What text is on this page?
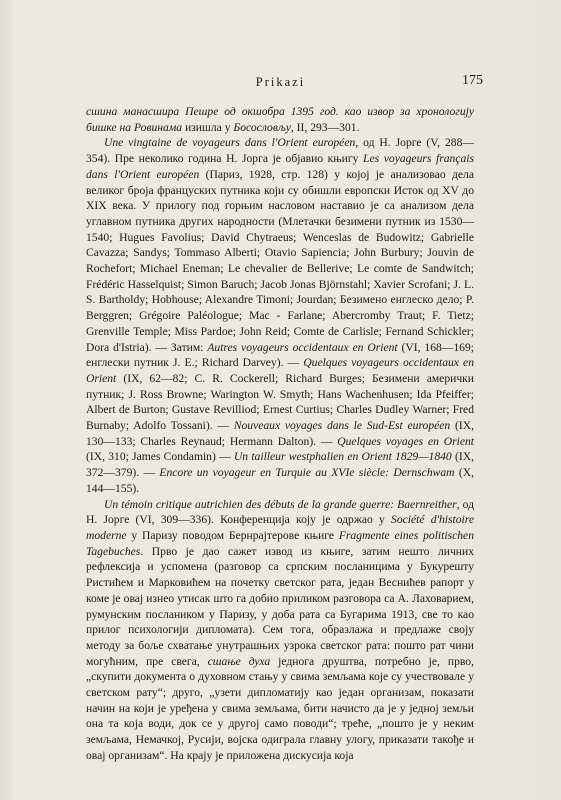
Prikazi	175

сшина манасширa Пешре од окшобрa 1395 год. као извор за хронологију бишке на Ровинама изишла у Босословљу, II, 293—301.

Une vingtaine de voyageurs dans l'Orient européen, од Н. Јорге (V, 288—354). Пре неколико година Н. Јорга је објавио књигу Les voyageurs français dans l'Orient européen (Париз, 1928, стр. 128) у којој је анализовао дела великог броја француских путника који су обишли европски Исток од XV до XIX века. У прилогу под горњим насловом наставио је са анализом дела углавном путника других народности (Млетачки безимени путник из 1530—1540; Hugues Favolius; David Chytraeus; Wenceslas de Budowitz; Gabrielle Cavazza; Sandys; Tommaso Alberti; Otavio Sapiencia; John Burbury; Jouvin de Rochefort; Michael Eneman; Le chevalier de Bellerive; Le comte de Sandwitch; Frédéric Hasselquist; Simon Baruch; Jacob Jonas Björnstahl; Xavier Scrofani; J. L. S. Bartholdy; Hobhouse; Alexandre Timoni; Jourdan; Безимено енглеско дело; P. Berggren; Grégoire Paléologue; Mac - Farlane; Abercromby Traut; F. Tietz; Grenville Temple; Miss Pardoe; John Reid; Comte de Carlisle; Fernand Schickler; Dora d'Istria). — Затим: Autres voyageurs occidentaux en Orient (VI, 168—169; енглески путник J. E.; Richard Darvey). — Quelques voyageurs occidentaux en Orient (IX, 62—82; C. R. Cockerell; Richard Burges; Безимени амерички путник; J. Ross Browne; Warington W. Smyth; Hans Wachenhusen; Ida Pfeiffer; Albert de Burton; Gustave Revilliod; Ernest Curtius; Charles Dudley Warner; Fred Burnaby; Adolfo Tossani). — Nouveaux voyages dans le Sud-Est européen (IX, 130—133; Charles Reynaud; Hermann Dalton). — Quelques voyages en Orient (IX, 310; James Condamin) — Un tailleur westphalien en Orient 1829—1840 (IX, 372—379). — Encore un voyageur en Turquie au XVIe siècle: Dernschwam (X, 144—155).

Un témoin critique autrichien des débuts de la grande guerre: Baernreither, од Н. Јорге (VI, 309—336). Конференција коју је одржао у Société d'histoire moderne у Паризу поводом Бернрајтерове књиге Fragmente eines politischen Tagebuches. Прво је дао сажет извод из књиге, затим нешто личних рефлексија и успомена (разговор са српским посланицима у Букурешту Ристићем и Марковићем на почетку светског рата, један Веснићев рапорт у коме је овај изнео утисак што га добио приликом разговора са А. Лаховарием, румунским послаником у Паризу, у доба рата са Бугарима 1913, све то као прилог психологији дипломата). Сем тога, образлажа и предлаже своју методу за боље схватање унутрашњих узрока светског рата: пошто рат чини могућним, пре свега, сшање духа једнога друштва, потребно је, прво, „скупити документа о духовном стању у свима земљама које су учествовале у светском рату“; друго, „узети дипломатију као један организам, показати начин на који је уређена у свима земљама, бити начисто да је у једној земљи она та која води, док се у другој само поводи“; треће, „пошто је у неким земљама, Немачкој, Русији, војска одиграла главну улогу, приказати такође и овај организам“. На крају је приложена дискусија која
